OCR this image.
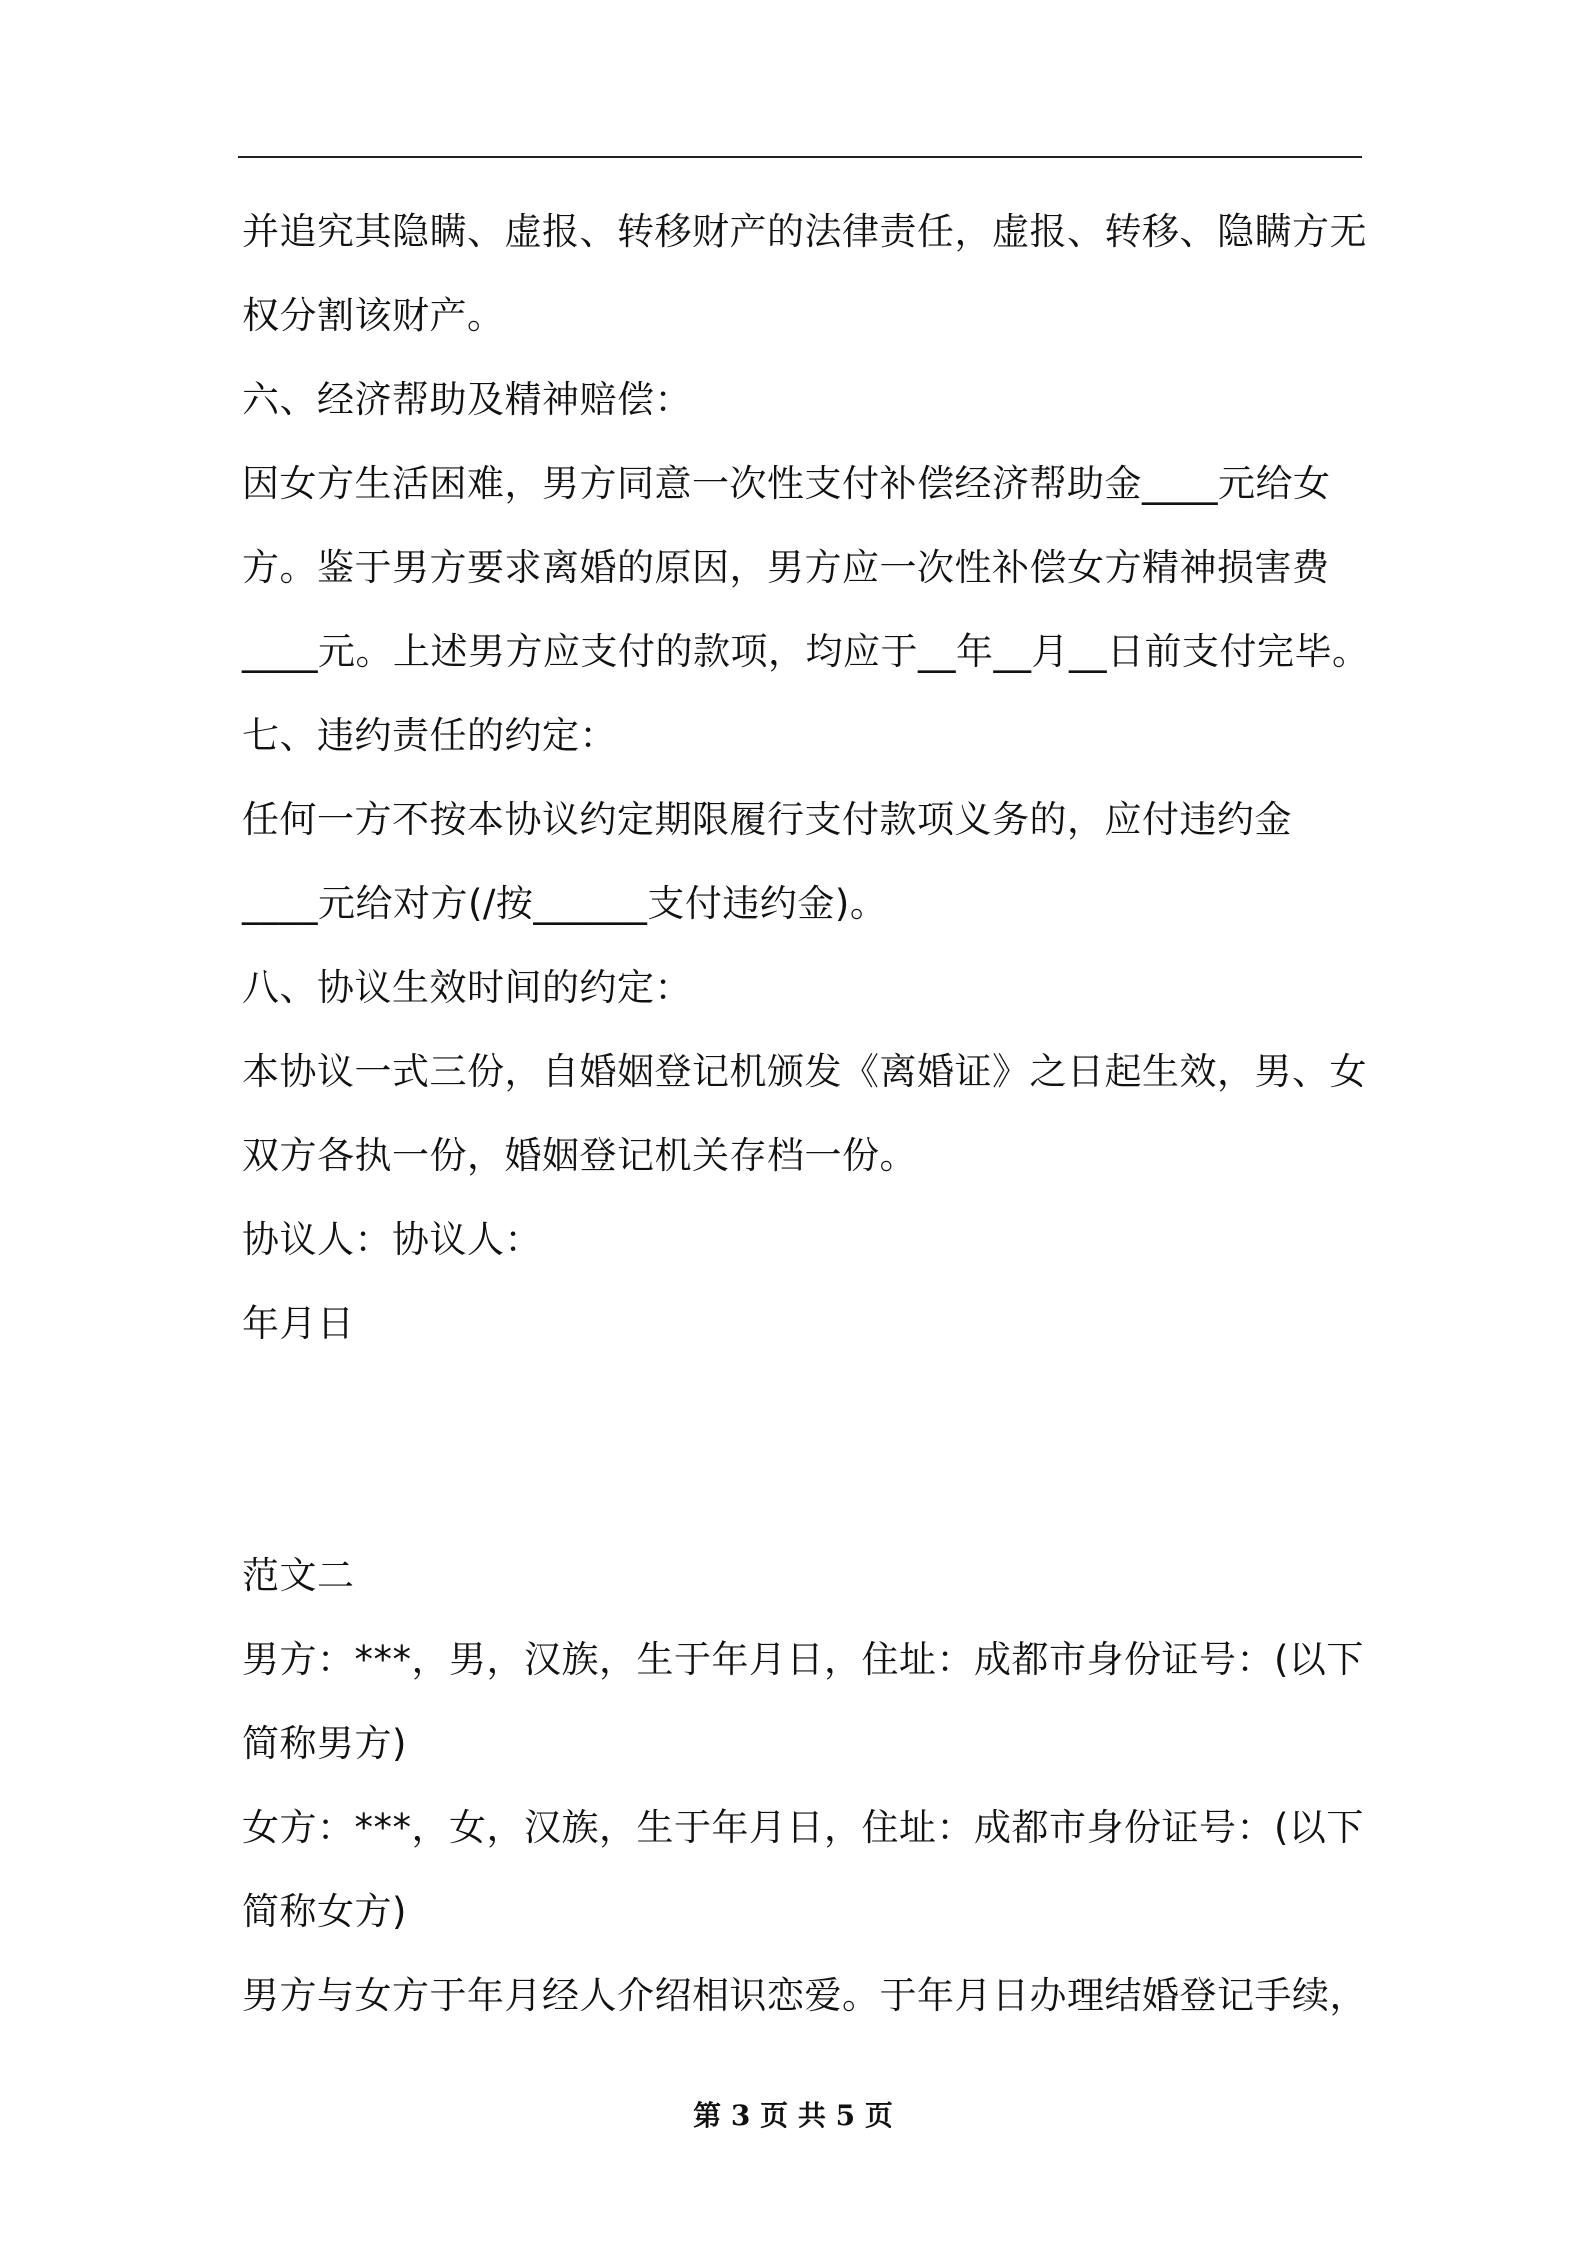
并追究其隐瞒、虚报、转移财产的法律责任，虚报、转移、隐瞒方无
权分割该财产。
六、经济帮助及精神赔偿：
因女方生活困难，男方同意一次性支付补偿经济帮助金____元给女
方。鉴于男方要求离婚的原因，男方应一次性补偿女方精神损害费
____元。上述男方应支付的款项，均应于__年__月__日前支付完毕。
七、违约责任的约定：
任何一方不按本协议约定期限履行支付款项义务的，应付违约金
____元给对方(/按______支付违约金)。
八、协议生效时间的约定：
本协议一式三份，自婚姻登记机颁发《离婚证》之日起生效，男、女
双方各执一份，婚姻登记机关存档一份。
协议人：协议人：
年月日
范文二
男方：***，男，汉族，生于年月日，住址：成都市身份证号：(以下
简称男方)
女方：***，女，汉族，生于年月日，住址：成都市身份证号：(以下
简称女方)
男方与女方于年月经人介绍相识恋爱。于年月日办理结婚登记手续，
第 3 页 共 5 页
